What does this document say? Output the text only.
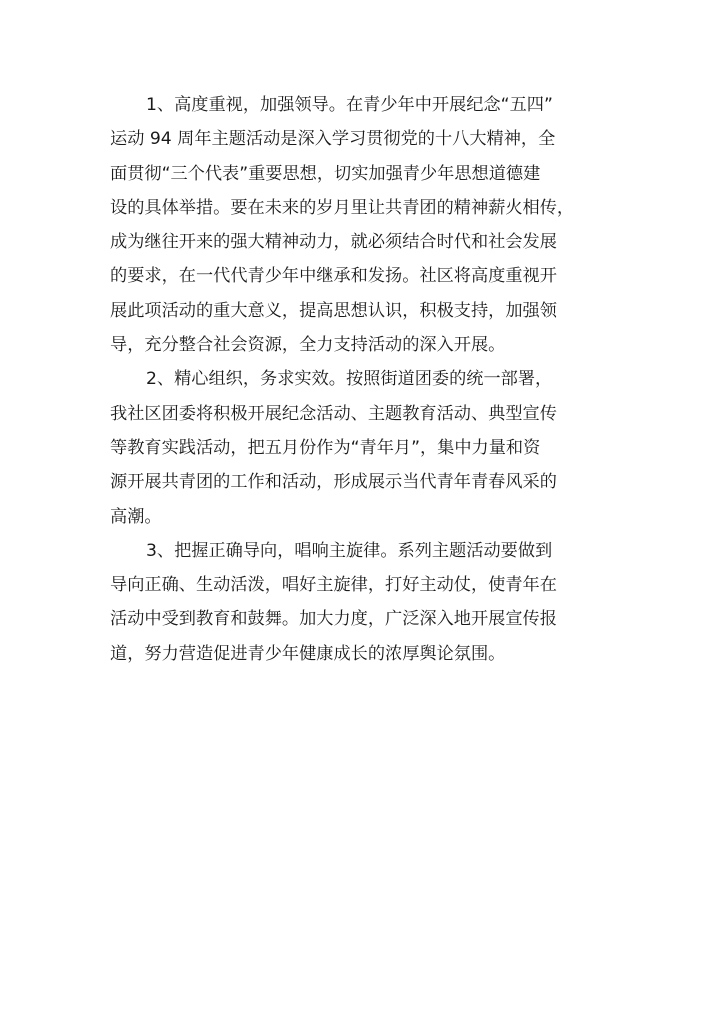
1、高度重视，加强领导。在青少年中开展纪念“五四”
运动 94 周年主题活动是深入学习贯彻党的十八大精神，全
面贯彻“三个代表”重要思想，切实加强青少年思想道德建
设的具体举措。要在未来的岁月里让共青团的精神薪火相传，
成为继往开来的强大精神动力，就必须结合时代和社会发展
的要求，在一代代青少年中继承和发扬。社区将高度重视开
展此项活动的重大意义，提高思想认识，积极支持，加强领
导，充分整合社会资源，全力支持活动的深入开展。
2、精心组织，务求实效。按照街道团委的统一部署，
我社区团委将积极开展纪念活动、主题教育活动、典型宣传
等教育实践活动，把五月份作为“青年月”，集中力量和资
源开展共青团的工作和活动，形成展示当代青年青春风采的
高潮。
3、把握正确导向，唱响主旋律。系列主题活动要做到
导向正确、生动活泼，唱好主旋律，打好主动仗，使青年在
活动中受到教育和鼓舞。加大力度，广泛深入地开展宣传报
道，努力营造促进青少年健康成长的浓厚舆论氛围。
